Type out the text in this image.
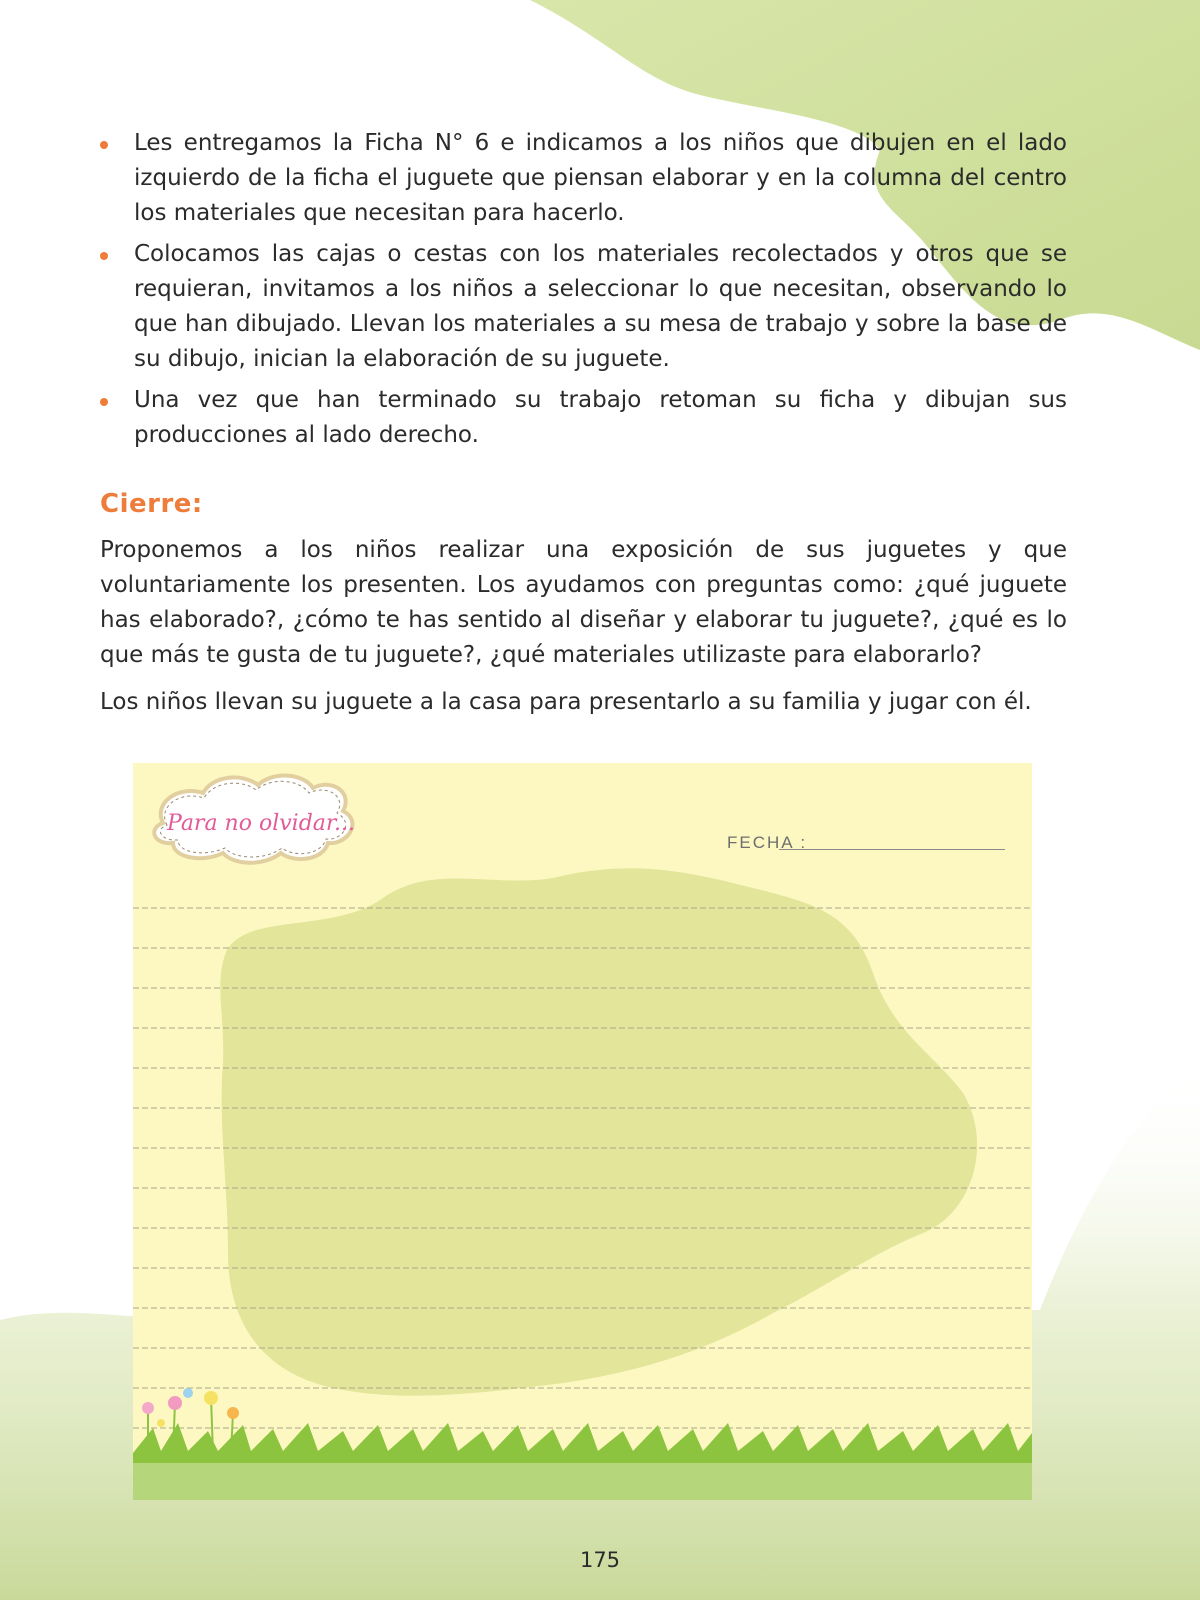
Les entregamos la Ficha N° 6 e indicamos a los niños que dibujen en el lado izquierdo de la ficha el juguete que piensan elaborar y en la columna del centro los materiales que necesitan para hacerlo.
Colocamos las cajas o cestas con los materiales recolectados y otros que se requieran, invitamos a los niños a seleccionar lo que necesitan, observando lo que han dibujado. Llevan los materiales a su mesa de trabajo y sobre la base de su dibujo, inician la elaboración de su juguete.
Una vez que han terminado su trabajo retoman su ficha y dibujan sus producciones al lado derecho.
Cierre:

Proponemos a los niños realizar una exposición de sus juguetes y que voluntariamente los presenten. Los ayudamos con preguntas como: ¿qué juguete has elaborado?, ¿cómo te has sentido al diseñar y elaborar tu juguete?, ¿qué es lo que más te gusta de tu juguete?, ¿qué materiales utilizaste para elaborarlo?

Los niños llevan su juguete a la casa para presentarlo a su familia y jugar con él.

Para no olvidar...
FECHA :
175
